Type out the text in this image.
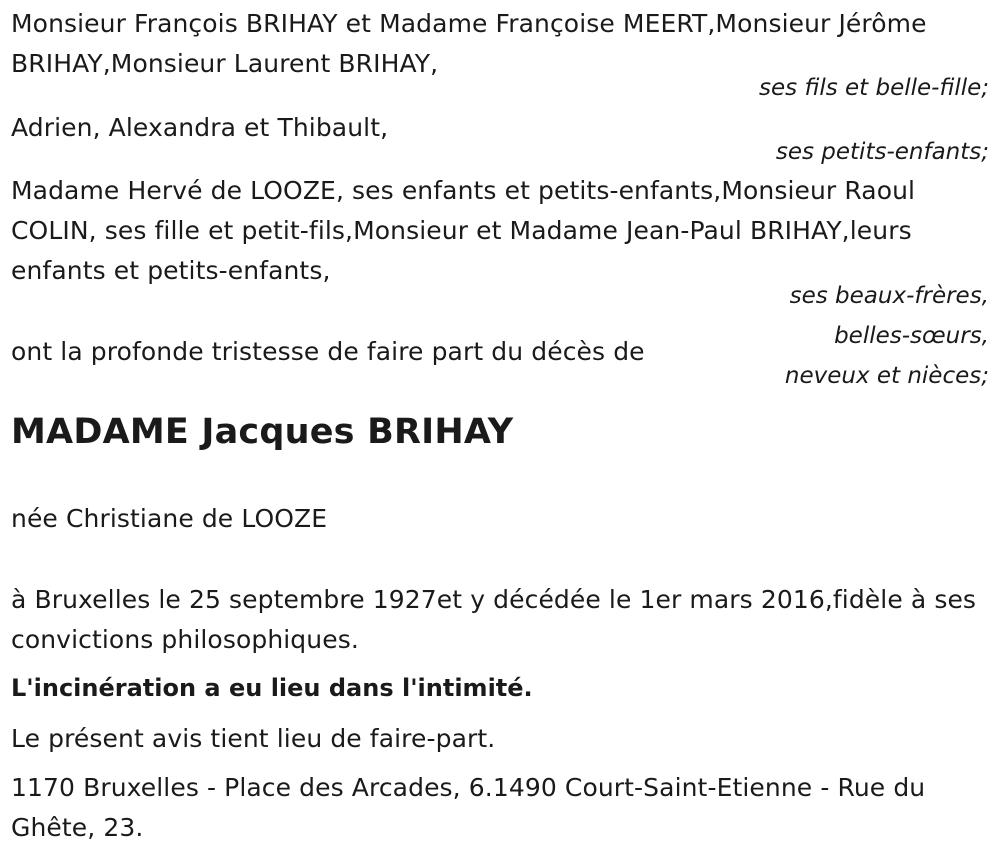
Monsieur François BRIHAY et Madame Françoise MEERT,Monsieur Jérôme BRIHAY,Monsieur Laurent BRIHAY,

ses fils et belle-fille;

Adrien, Alexandra et Thibault,

ses petits-enfants;

Madame Hervé de LOOZE, ses enfants et petits-enfants,Monsieur Raoul COLIN, ses fille et petit-fils,Monsieur et Madame Jean-Paul BRIHAY,leurs enfants et petits-enfants,

ses beaux-frères,

belles-sœurs,

neveux et nièces;

ont la profonde tristesse de faire part du décès de

MADAME Jacques BRIHAY

née Christiane de LOOZE

à Bruxelles le 25 septembre 1927et y décédée le 1er mars 2016,fidèle à ses convictions philosophiques.

L'incinération a eu lieu dans l'intimité.

Le présent avis tient lieu de faire-part.

1170 Bruxelles - Place des Arcades, 6.1490 Court-Saint-Etienne - Rue du Ghête, 23.
